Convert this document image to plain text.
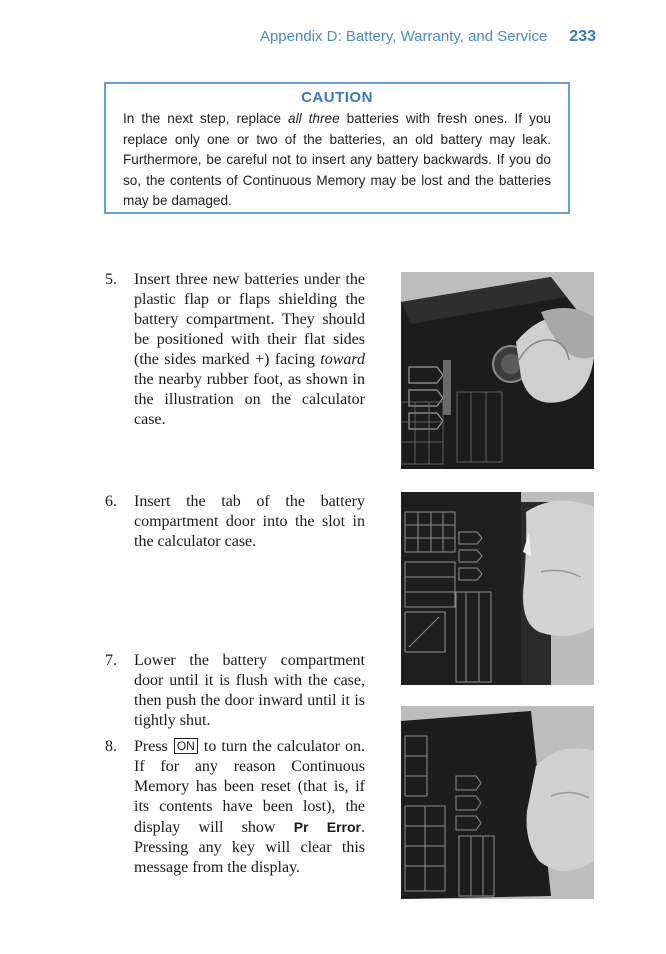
Appendix D: Battery, Warranty, and Service 233
CAUTION
In the next step, replace all three batteries with fresh ones. If you replace only one or two of the batteries, an old battery may leak. Furthermore, be careful not to insert any battery backwards. If you do so, the contents of Continuous Memory may be lost and the batteries may be damaged.
5. Insert three new batteries under the plastic flap or flaps shielding the battery compartment. They should be positioned with their flat sides (the sides marked +) facing toward the nearby rubber foot, as shown in the illustration on the calculator case.
6. Insert the tab of the battery compartment door into the slot in the calculator case.
7. Lower the battery compartment door until it is flush with the case, then push the door inward until it is tightly shut.
8. Press ON to turn the calculator on. If for any reason Continuous Memory has been reset (that is, if its contents have been lost), the display will show Pr Error. Pressing any key will clear this message from the display.
